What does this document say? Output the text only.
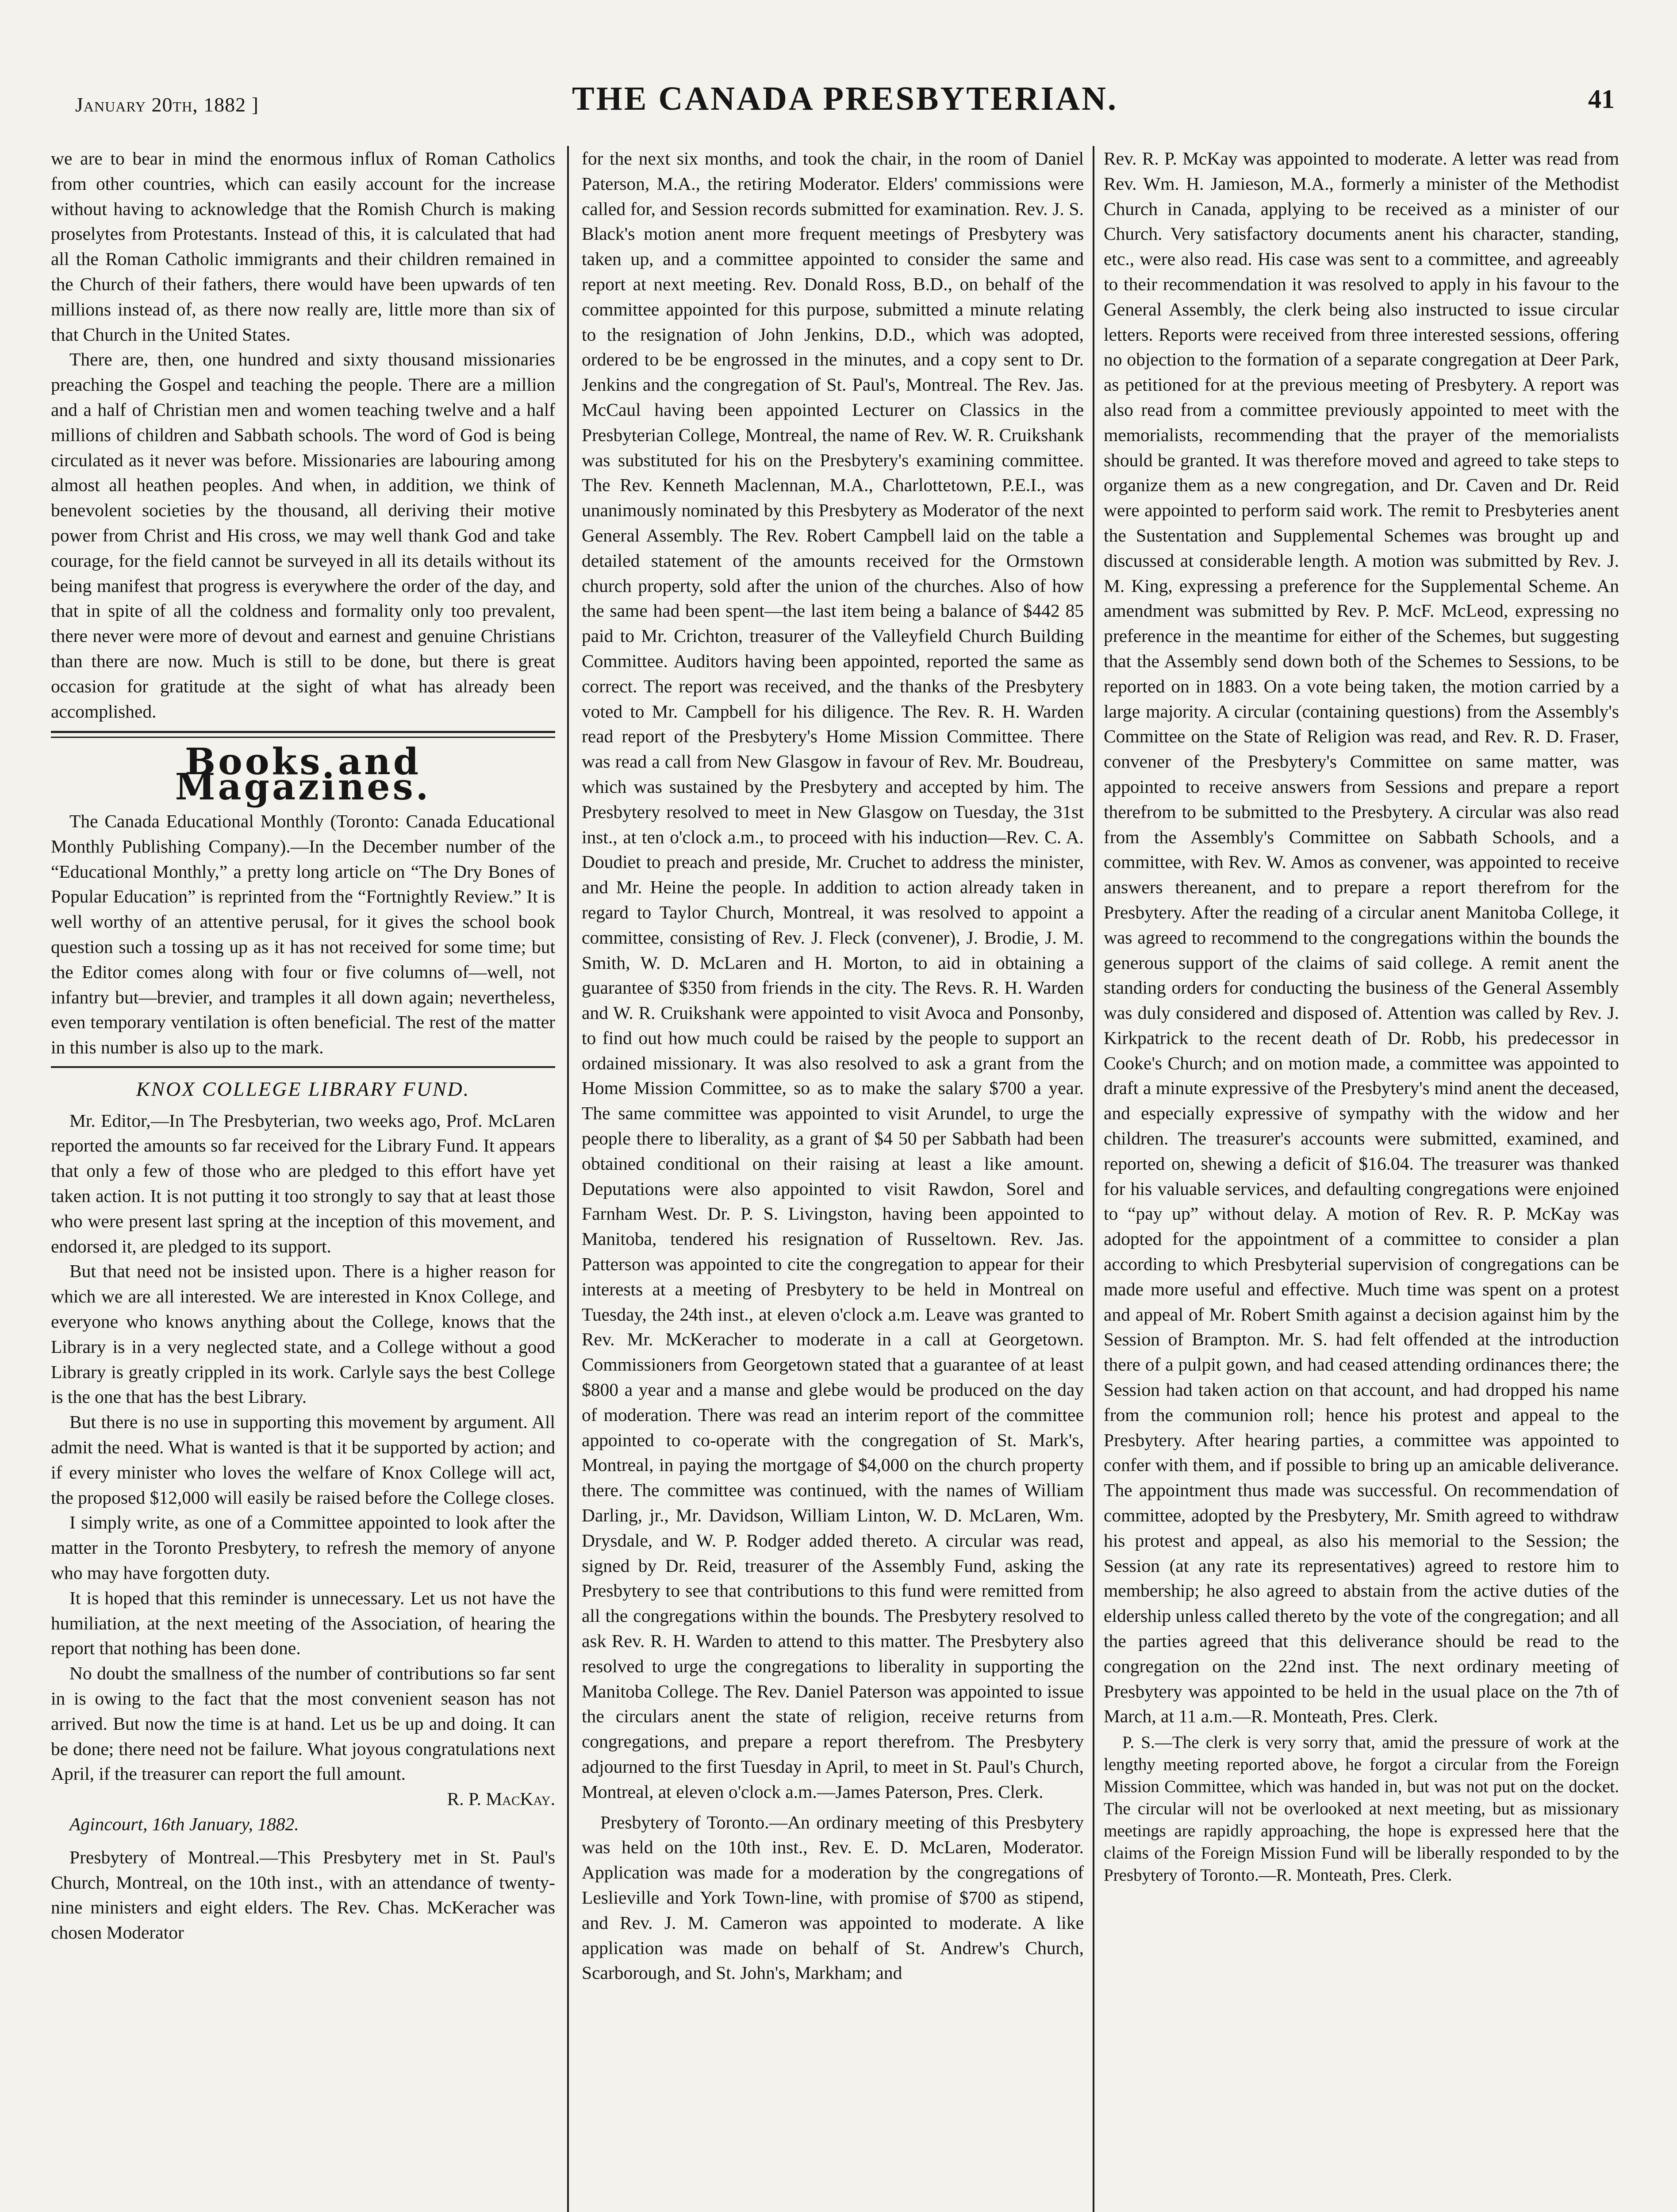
January 20th, 1882 ]	THE CANADA PRESBYTERIAN.	41

we are to bear in mind the enormous influx of Roman Catholics from other countries, which can easily account for the increase without having to acknowledge that the Romish Church is making proselytes from Protestants. Instead of this, it is calculated that had all the Roman Catholic immigrants and their children remained in the Church of their fathers, there would have been upwards of ten millions instead of, as there now really are, little more than six of that Church in the United States.

There are, then, one hundred and sixty thousand missionaries preaching the Gospel and teaching the people. There are a million and a half of Christian men and women teaching twelve and a half millions of children and Sabbath schools. The word of God is being circulated as it never was before. Missionaries are labouring among almost all heathen peoples. And when, in addition, we think of benevolent societies by the thousand, all deriving their motive power from Christ and His cross, we may well thank God and take courage, for the field cannot be surveyed in all its details without its being manifest that progress is everywhere the order of the day, and that in spite of all the coldness and formality only too prevalent, there never were more of devout and earnest and genuine Christians than there are now. Much is still to be done, but there is great occasion for gratitude at the sight of what has already been accomplished.

Books and Magazines.

The Canada Educational Monthly (Toronto: Canada Educational Monthly Publishing Company).—In the December number of the “Educational Monthly,” a pretty long article on “The Dry Bones of Popular Education” is reprinted from the “Fortnightly Review.” It is well worthy of an attentive perusal, for it gives the school book question such a tossing up as it has not received for some time; but the Editor comes along with four or five columns of—well, not infantry but—brevier, and tramples it all down again; nevertheless, even temporary ventilation is often beneficial. The rest of the matter in this number is also up to the mark.

KNOX COLLEGE LIBRARY FUND.

Mr. Editor,—In The Presbyterian, two weeks ago, Prof. McLaren reported the amounts so far received for the Library Fund. It appears that only a few of those who are pledged to this effort have yet taken action. It is not putting it too strongly to say that at least those who were present last spring at the inception of this movement, and endorsed it, are pledged to its support.

But that need not be insisted upon. There is a higher reason for which we are all interested. We are interested in Knox College, and everyone who knows anything about the College, knows that the Library is in a very neglected state, and a College without a good Library is greatly crippled in its work. Carlyle says the best College is the one that has the best Library.

But there is no use in supporting this movement by argument. All admit the need. What is wanted is that it be supported by action; and if every minister who loves the welfare of Knox College will act, the proposed $12,000 will easily be raised before the College closes.

I simply write, as one of a Committee appointed to look after the matter in the Toronto Presbytery, to refresh the memory of anyone who may have forgotten duty.

It is hoped that this reminder is unnecessary. Let us not have the humiliation, at the next meeting of the Association, of hearing the report that nothing has been done.

No doubt the smallness of the number of contributions so far sent in is owing to the fact that the most convenient season has not arrived. But now the time is at hand. Let us be up and doing. It can be done; there need not be failure. What joyous congratulations next April, if the treasurer can report the full amount.

R. P. MacKay.

Agincourt, 16th January, 1882.

Presbytery of Montreal.—This Presbytery met in St. Paul's Church, Montreal, on the 10th inst., with an attendance of twenty-nine ministers and eight elders. The Rev. Chas. McKeracher was chosen Moderator

for the next six months, and took the chair, in the room of Daniel Paterson, M.A., the retiring Moderator. Elders' commissions were called for, and Session records submitted for examination. Rev. J. S. Black's motion anent more frequent meetings of Presbytery was taken up, and a committee appointed to consider the same and report at next meeting. Rev. Donald Ross, B.D., on behalf of the committee appointed for this purpose, submitted a minute relating to the resignation of John Jenkins, D.D., which was adopted, ordered to be be engrossed in the minutes, and a copy sent to Dr. Jenkins and the congregation of St. Paul's, Montreal. The Rev. Jas. McCaul having been appointed Lecturer on Classics in the Presbyterian College, Montreal, the name of Rev. W. R. Cruikshank was substituted for his on the Presbytery's examining committee. The Rev. Kenneth Maclennan, M.A., Charlottetown, P.E.I., was unanimously nominated by this Presbytery as Moderator of the next General Assembly. The Rev. Robert Campbell laid on the table a detailed statement of the amounts received for the Ormstown church property, sold after the union of the churches. Also of how the same had been spent—the last item being a balance of $442 85 paid to Mr. Crichton, treasurer of the Valleyfield Church Building Committee. Auditors having been appointed, reported the same as correct. The report was received, and the thanks of the Presbytery voted to Mr. Campbell for his diligence. The Rev. R. H. Warden read report of the Presbytery's Home Mission Committee. There was read a call from New Glasgow in favour of Rev. Mr. Boudreau, which was sustained by the Presbytery and accepted by him. The Presbytery resolved to meet in New Glasgow on Tuesday, the 31st inst., at ten o'clock a.m., to proceed with his induction—Rev. C. A. Doudiet to preach and preside, Mr. Cruchet to address the minister, and Mr. Heine the people. In addition to action already taken in regard to Taylor Church, Montreal, it was resolved to appoint a committee, consisting of Rev. J. Fleck (convener), J. Brodie, J. M. Smith, W. D. McLaren and H. Morton, to aid in obtaining a guarantee of $350 from friends in the city. The Revs. R. H. Warden and W. R. Cruikshank were appointed to visit Avoca and Ponsonby, to find out how much could be raised by the people to support an ordained missionary. It was also resolved to ask a grant from the Home Mission Committee, so as to make the salary $700 a year. The same committee was appointed to visit Arundel, to urge the people there to liberality, as a grant of $4 50 per Sabbath had been obtained conditional on their raising at least a like amount. Deputations were also appointed to visit Rawdon, Sorel and Farnham West. Dr. P. S. Livingston, having been appointed to Manitoba, tendered his resignation of Russeltown. Rev. Jas. Patterson was appointed to cite the congregation to appear for their interests at a meeting of Presbytery to be held in Montreal on Tuesday, the 24th inst., at eleven o'clock a.m. Leave was granted to Rev. Mr. McKeracher to moderate in a call at Georgetown. Commissioners from Georgetown stated that a guarantee of at least $800 a year and a manse and glebe would be produced on the day of moderation. There was read an interim report of the committee appointed to co-operate with the congregation of St. Mark's, Montreal, in paying the mortgage of $4,000 on the church property there. The committee was continued, with the names of William Darling, jr., Mr. Davidson, William Linton, W. D. McLaren, Wm. Drysdale, and W. P. Rodger added thereto. A circular was read, signed by Dr. Reid, treasurer of the Assembly Fund, asking the Presbytery to see that contributions to this fund were remitted from all the congregations within the bounds. The Presbytery resolved to ask Rev. R. H. Warden to attend to this matter. The Presbytery also resolved to urge the congregations to liberality in supporting the Manitoba College. The Rev. Daniel Paterson was appointed to issue the circulars anent the state of religion, receive returns from congregations, and prepare a report therefrom. The Presbytery adjourned to the first Tuesday in April, to meet in St. Paul's Church, Montreal, at eleven o'clock a.m.—James Paterson, Pres. Clerk.

Presbytery of Toronto.—An ordinary meeting of this Presbytery was held on the 10th inst., Rev. E. D. McLaren, Moderator. Application was made for a moderation by the congregations of Leslieville and York Town-line, with promise of $700 as stipend, and Rev. J. M. Cameron was appointed to moderate. A like application was made on behalf of St. Andrew's Church, Scarborough, and St. John's, Markham; and

Rev. R. P. McKay was appointed to moderate. A letter was read from Rev. Wm. H. Jamieson, M.A., formerly a minister of the Methodist Church in Canada, applying to be received as a minister of our Church. Very satisfactory documents anent his character, standing, etc., were also read. His case was sent to a committee, and agreeably to their recommendation it was resolved to apply in his favour to the General Assembly, the clerk being also instructed to issue circular letters. Reports were received from three interested sessions, offering no objection to the formation of a separate congregation at Deer Park, as petitioned for at the previous meeting of Presbytery. A report was also read from a committee previously appointed to meet with the memorialists, recommending that the prayer of the memorialists should be granted. It was therefore moved and agreed to take steps to organize them as a new congregation, and Dr. Caven and Dr. Reid were appointed to perform said work. The remit to Presbyteries anent the Sustentation and Supplemental Schemes was brought up and discussed at considerable length. A motion was submitted by Rev. J. M. King, expressing a preference for the Supplemental Scheme. An amendment was submitted by Rev. P. McF. McLeod, expressing no preference in the meantime for either of the Schemes, but suggesting that the Assembly send down both of the Schemes to Sessions, to be reported on in 1883. On a vote being taken, the motion carried by a large majority. A circular (containing questions) from the Assembly's Committee on the State of Religion was read, and Rev. R. D. Fraser, convener of the Presbytery's Committee on same matter, was appointed to receive answers from Sessions and prepare a report therefrom to be submitted to the Presbytery. A circular was also read from the Assembly's Committee on Sabbath Schools, and a committee, with Rev. W. Amos as convener, was appointed to receive answers thereanent, and to prepare a report therefrom for the Presbytery. After the reading of a circular anent Manitoba College, it was agreed to recommend to the congregations within the bounds the generous support of the claims of said college. A remit anent the standing orders for conducting the business of the General Assembly was duly considered and disposed of. Attention was called by Rev. J. Kirkpatrick to the recent death of Dr. Robb, his predecessor in Cooke's Church; and on motion made, a committee was appointed to draft a minute expressive of the Presbytery's mind anent the deceased, and especially expressive of sympathy with the widow and her children. The treasurer's accounts were submitted, examined, and reported on, shewing a deficit of $16.04. The treasurer was thanked for his valuable services, and defaulting congregations were enjoined to “pay up” without delay. A motion of Rev. R. P. McKay was adopted for the appointment of a committee to consider a plan according to which Presbyterial supervision of congregations can be made more useful and effective. Much time was spent on a protest and appeal of Mr. Robert Smith against a decision against him by the Session of Brampton. Mr. S. had felt offended at the introduction there of a pulpit gown, and had ceased attending ordinances there; the Session had taken action on that account, and had dropped his name from the communion roll; hence his protest and appeal to the Presbytery. After hearing parties, a committee was appointed to confer with them, and if possible to bring up an amicable deliverance. The appointment thus made was successful. On recommendation of committee, adopted by the Presbytery, Mr. Smith agreed to withdraw his protest and appeal, as also his memorial to the Session; the Session (at any rate its representatives) agreed to restore him to membership; he also agreed to abstain from the active duties of the eldership unless called thereto by the vote of the congregation; and all the parties agreed that this deliverance should be read to the congregation on the 22nd inst. The next ordinary meeting of Presbytery was appointed to be held in the usual place on the 7th of March, at 11 a.m.—R. Monteath, Pres. Clerk.

P. S.—The clerk is very sorry that, amid the pressure of work at the lengthy meeting reported above, he forgot a circular from the Foreign Mission Committee, which was handed in, but was not put on the docket. The circular will not be overlooked at next meeting, but as missionary meetings are rapidly approaching, the hope is expressed here that the claims of the Foreign Mission Fund will be liberally responded to by the Presbytery of Toronto.—R. Monteath, Pres. Clerk.
